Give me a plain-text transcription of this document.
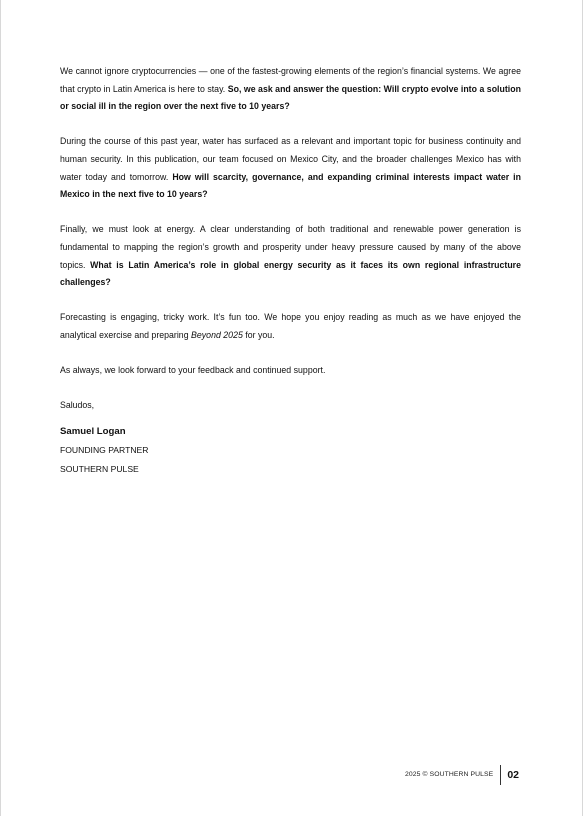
We cannot ignore cryptocurrencies — one of the fastest-growing elements of the region’s financial systems. We agree that crypto in Latin America is here to stay. So, we ask and answer the question: Will crypto evolve into a solution or social ill in the region over the next five to 10 years?

During the course of this past year, water has surfaced as a relevant and important topic for business continuity and human security. In this publication, our team focused on Mexico City, and the broader challenges Mexico has with water today and tomorrow. How will scarcity, governance, and expanding criminal interests impact water in Mexico in the next five to 10 years?

Finally, we must look at energy. A clear understanding of both traditional and renewable power generation is fundamental to mapping the region’s growth and prosperity under heavy pressure caused by many of the above topics. What is Latin America’s role in global energy security as it faces its own regional infrastructure challenges?

Forecasting is engaging, tricky work. It’s fun too. We hope you enjoy reading as much as we have enjoyed the analytical exercise and preparing Beyond 2025 for you.

As always, we look forward to your feedback and continued support.

Saludos,

Samuel Logan

FOUNDING PARTNER

SOUTHERN PULSE

2025 © SOUTHERN PULSE	02
